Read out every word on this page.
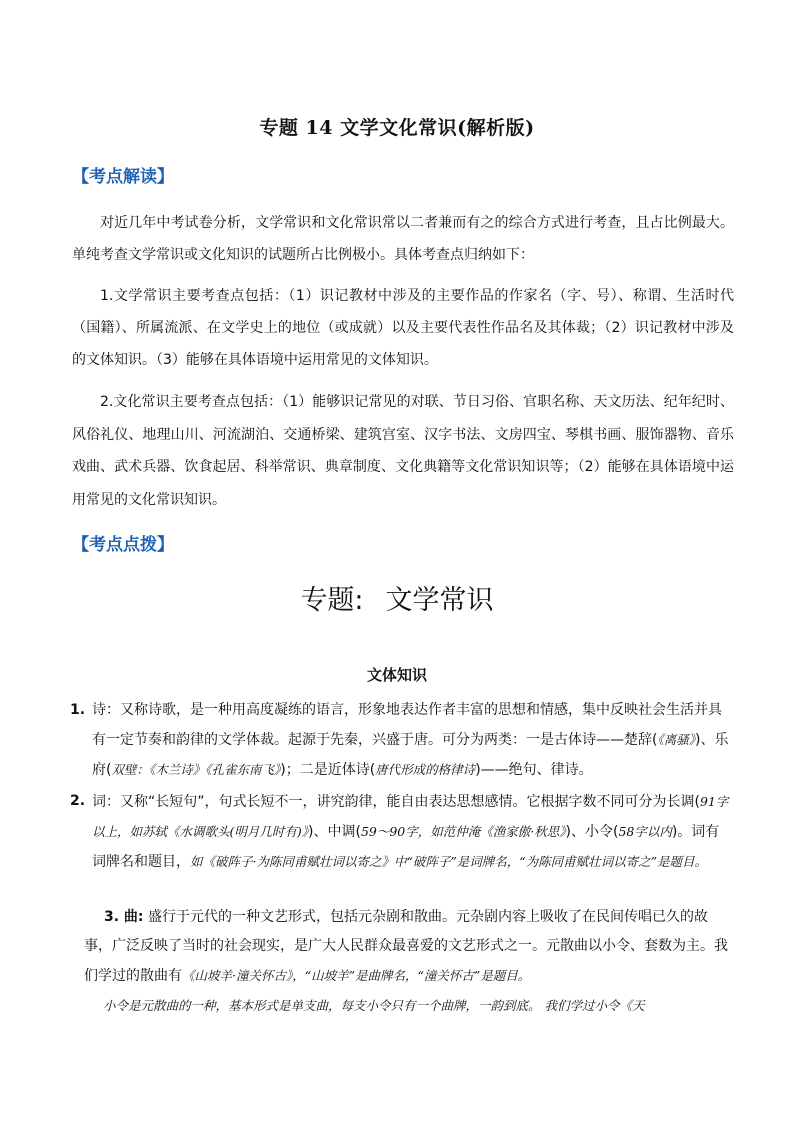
专题 14 文学文化常识(解析版)
【考点解读】

对近几年中考试卷分析，文学常识和文化常识常以二者兼而有之的综合方式进行考查，且占比例最大。单纯考查文学常识或文化知识的试题所占比例极小。具体考查点归纳如下：

1.文学常识主要考查点包括：（1）识记教材中涉及的主要作品的作家名（字、号）、称谓、生活时代（国籍）、所属流派、在文学史上的地位（或成就）以及主要代表性作品名及其体裁；（2）识记教材中涉及的文体知识。（3）能够在具体语境中运用常见的文体知识。

2.文化常识主要考查点包括：（1）能够识记常见的对联、节日习俗、官职名称、天文历法、纪年纪时、风俗礼仪、地理山川、河流湖泊、交通桥梁、建筑宫室、汉字书法、文房四宝、琴棋书画、服饰器物、音乐戏曲、武术兵器、饮食起居、科举常识、典章制度、文化典籍等文化常识知识等；（2）能够在具体语境中运用常见的文化常识知识。

【考点点拨】
专题: 文学常识
文体知识
1. 诗：又称诗歌，是一种用高度凝练的语言，形象地表达作者丰富的思想和情感，集中反映社会生活并具有一定节奏和韵律的文学体裁。起源于先秦，兴盛于唐。可分为两类：一是古体诗——楚辞(《离骚》)、乐府(双壁：《木兰诗》《孔雀东南飞》)；二是近体诗(唐代形成的格律诗)——绝句、律诗。
2. 词：又称“长短句”，句式长短不一，讲究韵律，能自由表达思想感情。它根据字数不同可分为长调(91字以上，如苏轼《水调歌头(明月几时有)》)、中调(59～90字，如范仲淹《渔家傲·秋思》)、小令(58字以内)。词有词牌名和题目，如《破阵子·为陈同甫赋壮词以寄之》中“破阵子”是词牌名，“为陈同甫赋壮词以寄之”是题目。
3. 曲: 盛行于元代的一种文艺形式，包括元杂剧和散曲。元杂剧内容上吸收了在民间传唱已久的故事，广泛反映了当时的社会现实，是广大人民群众最喜爱的文艺形式之一。元散曲以小令、套数为主。我们学过的散曲有《山坡羊·潼关怀古》，“山坡羊”是曲牌名，“潼关怀古”是题目。
小令是元散曲的一种，基本形式是单支曲，每支小令只有一个曲牌，一韵到底。 我们学过小令《天
